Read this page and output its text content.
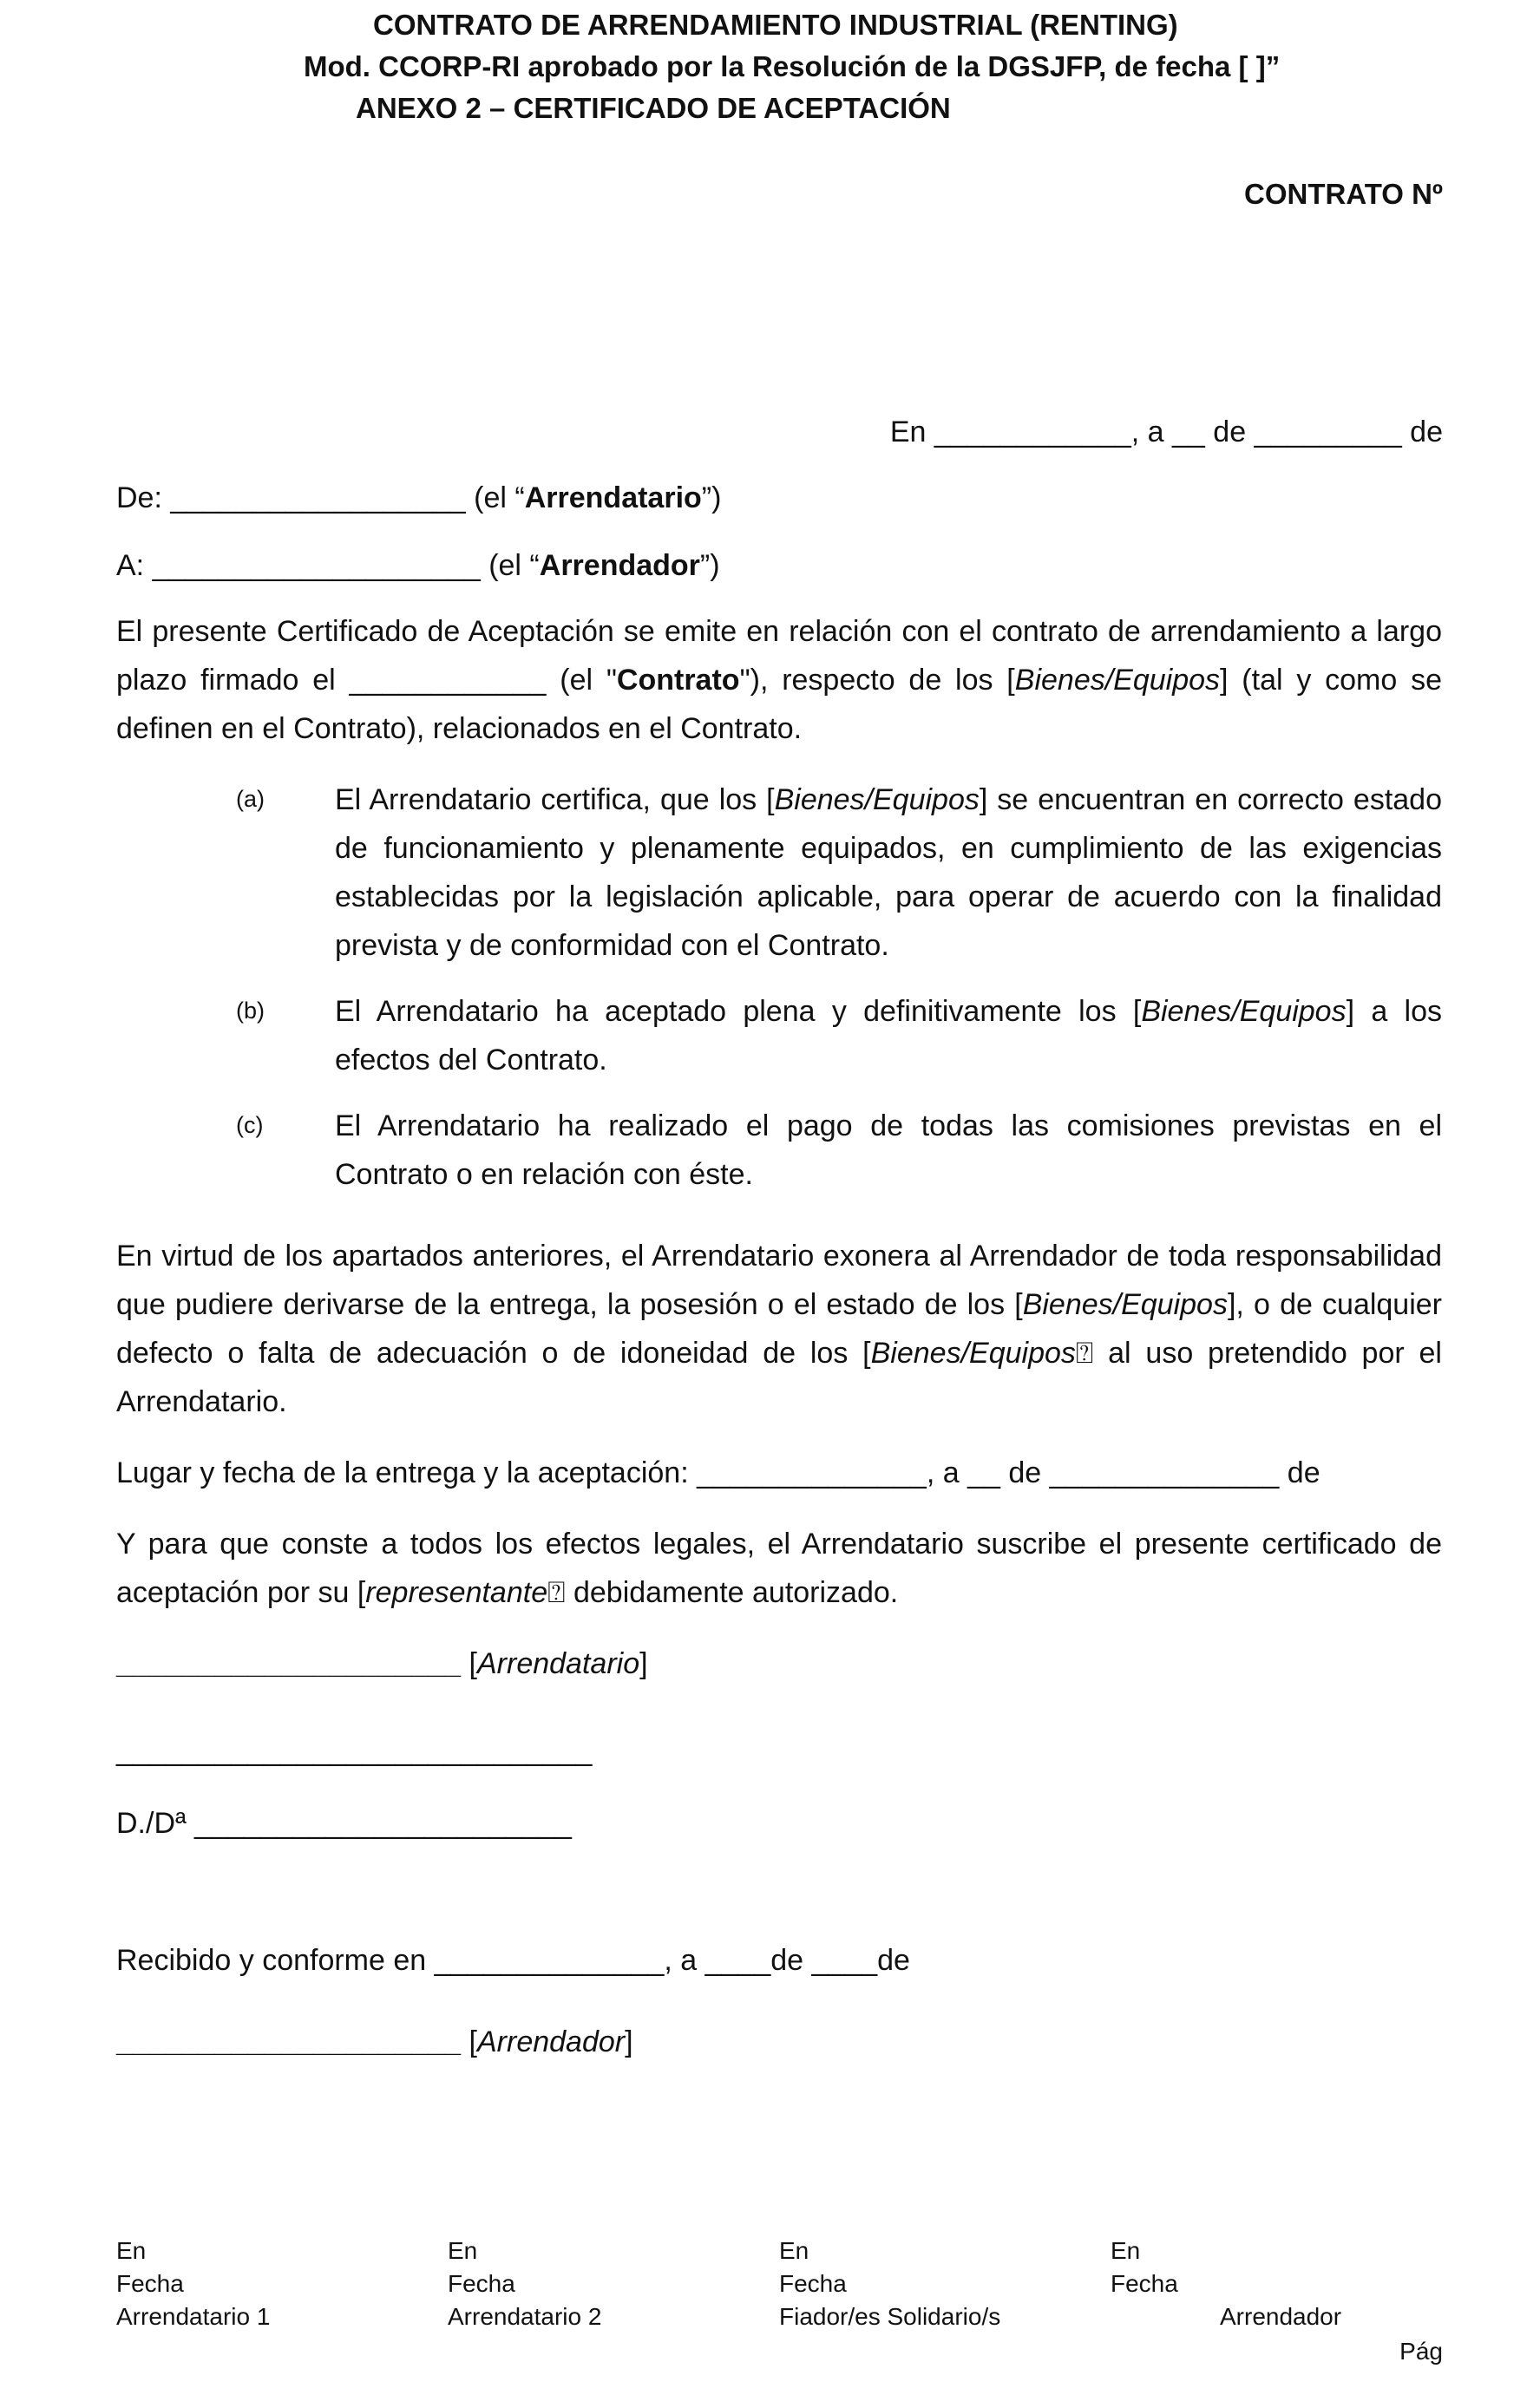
CONTRATO DE ARRENDAMIENTO INDUSTRIAL (RENTING)
Mod. CCORP-RI aprobado por la Resolución de la DGSJFP, de fecha [ ]”
ANEXO 2 – CERTIFICADO DE ACEPTACIÓN
CONTRATO Nº
En ____________, a __ de _________ de
De: __________________ (el “Arrendatario”)
A: ____________________ (el “Arrendador”)
El presente Certificado de Aceptación se emite en relación con el contrato de arrendamiento a largo plazo firmado el ____________ (el "Contrato"), respecto de los [Bienes/Equipos] (tal y como se definen en el Contrato), relacionados en el Contrato.
(a) El Arrendatario certifica, que los [Bienes/Equipos] se encuentran en correcto estado de funcionamiento y plenamente equipados, en cumplimiento de las exigencias establecidas por la legislación aplicable, para operar de acuerdo con la finalidad prevista y de conformidad con el Contrato.
(b) El Arrendatario ha aceptado plena y definitivamente los [Bienes/Equipos] a los efectos del Contrato.
(c) El Arrendatario ha realizado el pago de todas las comisiones previstas en el Contrato o en relación con éste.
En virtud de los apartados anteriores, el Arrendatario exonera al Arrendador de toda responsabilidad que pudiere derivarse de la entrega, la posesión o el estado de los [Bienes/Equipos], o de cualquier defecto o falta de adecuación o de idoneidad de los [Bienes/Equipos⍰ al uso pretendido por el Arrendatario.
Lugar y fecha de la entrega y la aceptación: ______________, a __ de ______________ de
Y para que conste a todos los efectos legales, el Arrendatario suscribe el presente certificado de aceptación por su [representante⍰ debidamente autorizado.
_____________________ [Arrendatario]
_____________________________
D./Dª _______________________
Recibido y conforme en ______________, a ____de ____de
_____________________ [Arrendador]
En
Fecha
Arrendatario 1
En
Fecha
Arrendatario 2
En
Fecha
Fiador/es Solidario/s
En
Fecha
Arrendador
Pág
